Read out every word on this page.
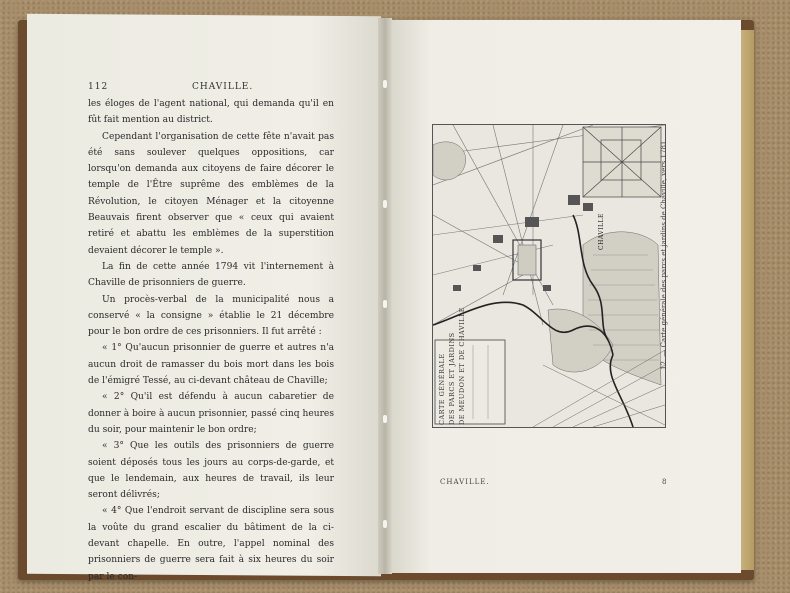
112	CHAVILLE.

les éloges de l'agent national, qui demanda qu'il en fût fait mention au district.

Cependant l'organisation de cette fête n'avait pas été sans soulever quelques oppositions, car lorsqu'on demanda aux citoyens de faire décorer le temple de l'Être suprême des emblèmes de la Révolution, le citoyen Ménager et la citoyenne Beauvais firent observer que « ceux qui avaient retiré et abattu les emblèmes de la superstition devaient décorer le temple ».

La fin de cette année 1794 vit l'internement à Chaville de prisonniers de guerre.

Un procès-verbal de la municipalité nous a conservé « la consigne » établie le 21 décembre pour le bon ordre de ces prisonniers. Il fut arrêté :

« 1° Qu'aucun prisonnier de guerre et autres n'a aucun droit de ramasser du bois mort dans les bois de l'émigré Tessé, au ci-devant château de Chaville;

« 2° Qu'il est défendu à aucun cabaretier de donner à boire à aucun prisonnier, passé cinq heures du soir, pour maintenir le bon ordre;

« 3° Que les outils des prisonniers de guerre soient déposés tous les jours au corps-de-garde, et que le lendemain, aux heures de travail, ils leur seront délivrés;

« 4° Que l'endroit servant de discipline sera sous la voûte du grand escalier du bâtiment de la ci-devant chapelle. En outre, l'appel nominal des prisonniers de guerre sera fait à six heures du soir par le con-

CARTE GÉNÉRALE DES PARCS ET JARDINS DE MEUDON ET DE CHAVILLE
CHAVILLE	12. — Carte générale des parcs et jardins de Chaville, vers 1781.
CHAVILLE.	8
